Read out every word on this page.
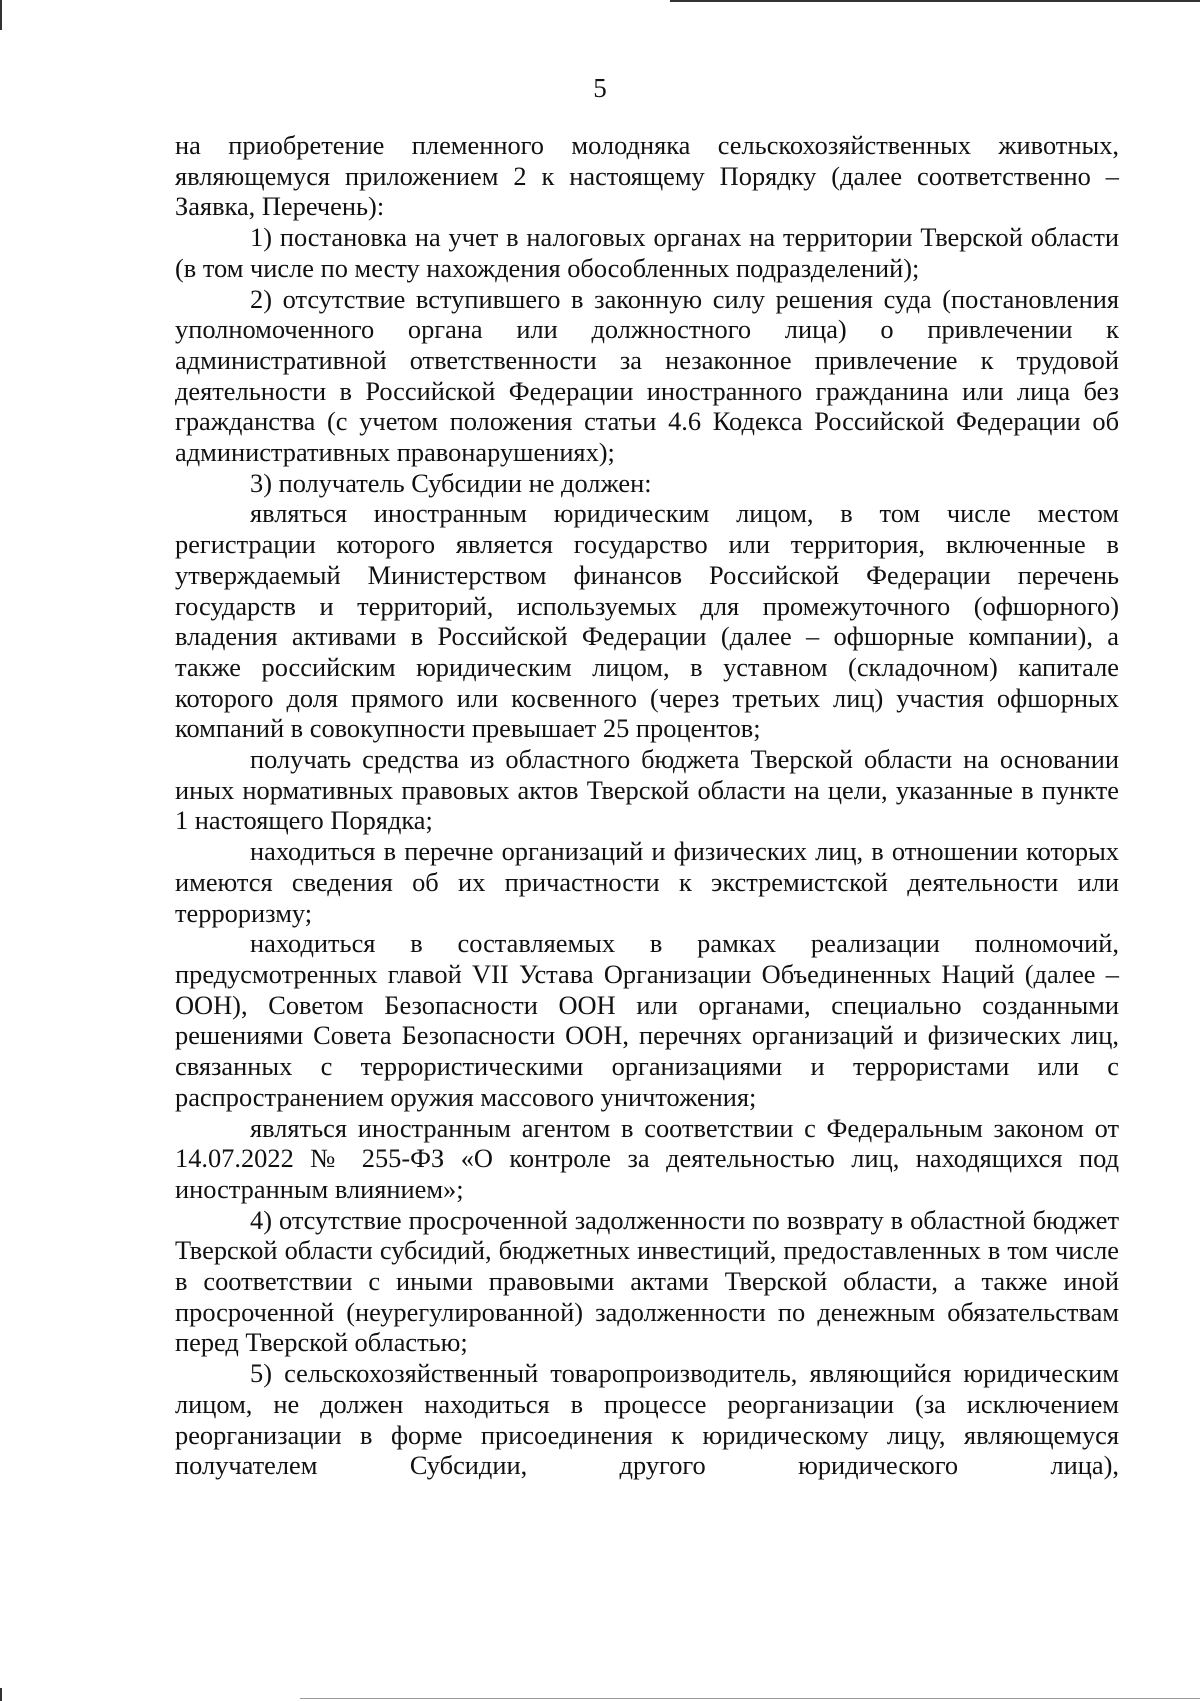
5

на приобретение племенного молодняка сельскохозяйственных животных, являющемуся приложением 2 к настоящему Порядку (далее соответственно – Заявка, Перечень):

1) постановка на учет в налоговых органах на территории Тверской области (в том числе по месту нахождения обособленных подразделений);

2) отсутствие вступившего в законную силу решения суда (постановления уполномоченного органа или должностного лица) о привлечении к административной ответственности за незаконное привлечение к трудовой деятельности в Российской Федерации иностранного гражданина или лица без гражданства (с учетом положения статьи 4.6 Кодекса Российской Федерации об административных правонарушениях);

3) получатель Субсидии не должен:

являться иностранным юридическим лицом, в том числе местом регистрации которого является государство или территория, включенные в утверждаемый Министерством финансов Российской Федерации перечень государств и территорий, используемых для промежуточного (офшорного) владения активами в Российской Федерации (далее – офшорные компании), а также российским юридическим лицом, в уставном (складочном) капитале которого доля прямого или косвенного (через третьих лиц) участия офшорных компаний в совокупности превышает 25 процентов;

получать средства из областного бюджета Тверской области на основании иных нормативных правовых актов Тверской области на цели, указанные в пункте 1 настоящего Порядка;

находиться в перечне организаций и физических лиц, в отношении которых имеются сведения об их причастности к экстремистской деятельности или терроризму;

находиться в составляемых в рамках реализации полномочий, предусмотренных главой VII Устава Организации Объединенных Наций (далее – ООН), Советом Безопасности ООН или органами, специально созданными решениями Совета Безопасности ООН, перечнях организаций и физических лиц, связанных с террористическими организациями и террористами или с распространением оружия массового уничтожения;

являться иностранным агентом в соответствии с Федеральным законом от 14.07.2022 № 255-ФЗ «О контроле за деятельностью лиц, находящихся под иностранным влиянием»;

4) отсутствие просроченной задолженности по возврату в областной бюджет Тверской области субсидий, бюджетных инвестиций, предоставленных в том числе в соответствии с иными правовыми актами Тверской области, а также иной просроченной (неурегулированной) задолженности по денежным обязательствам перед Тверской областью;

5) сельскохозяйственный товаропроизводитель, являющийся юридическим лицом, не должен находиться в процессе реорганизации (за исключением реорганизации в форме присоединения к юридическому лицу, являющемуся получателем Субсидии, другого юридического лица),
